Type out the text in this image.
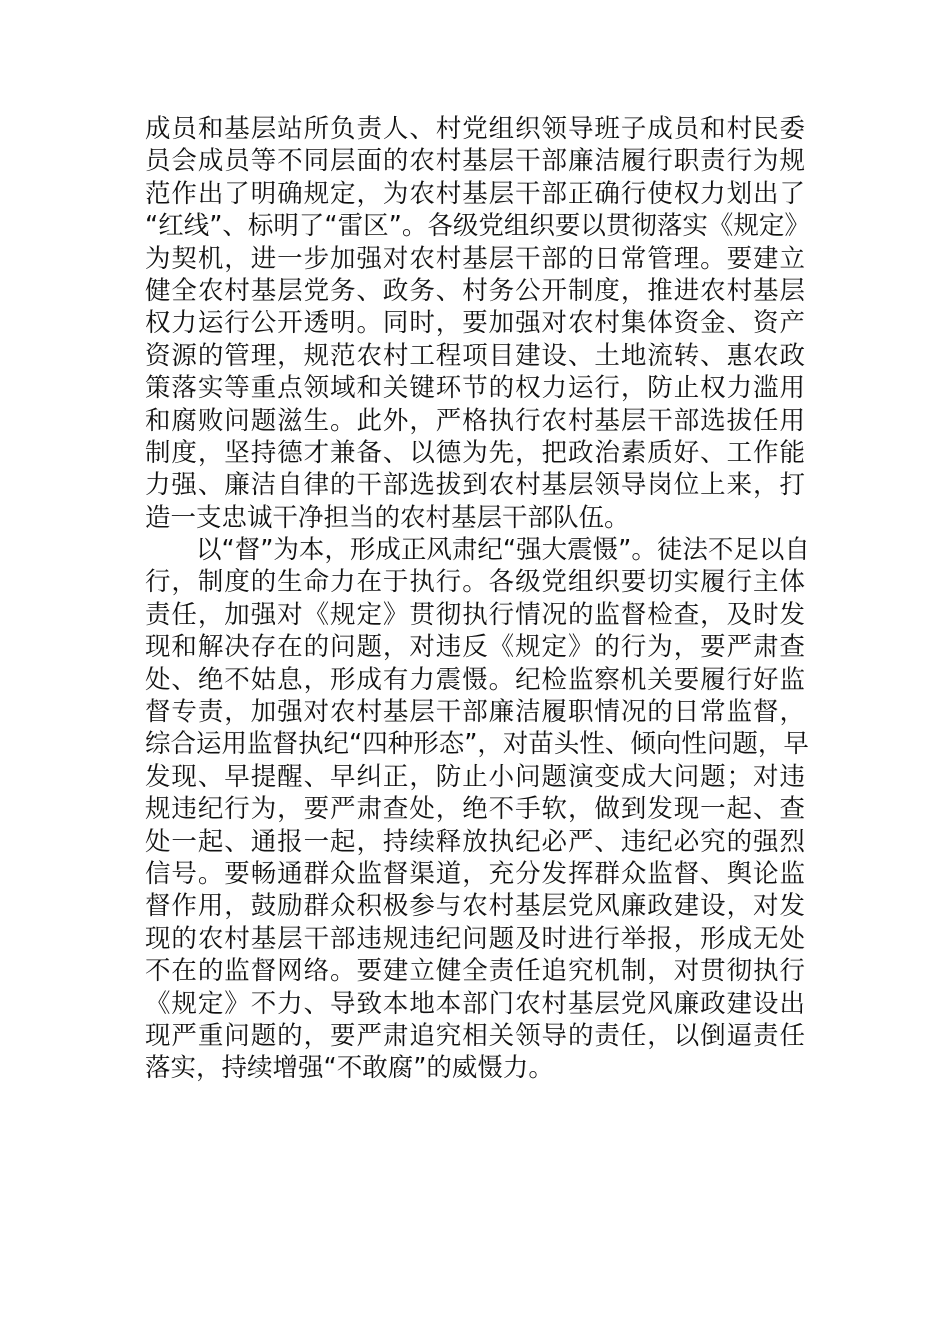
成员和基层站所负责人、村党组织领导班子成员和村民委
员会成员等不同层面的农村基层干部廉洁履行职责行为规
范作出了明确规定，为农村基层干部正确行使权力划出了
“红线”、标明了“雷区”。各级党组织要以贯彻落实《规定》
为契机，进一步加强对农村基层干部的日常管理。要建立
健全农村基层党务、政务、村务公开制度，推进农村基层
权力运行公开透明。同时，要加强对农村集体资金、资产
资源的管理，规范农村工程项目建设、土地流转、惠农政
策落实等重点领域和关键环节的权力运行，防止权力滥用
和腐败问题滋生。此外，严格执行农村基层干部选拔任用
制度，坚持德才兼备、以德为先，把政治素质好、工作能
力强、廉洁自律的干部选拔到农村基层领导岗位上来，打
造一支忠诚干净担当的农村基层干部队伍。
以“督”为本，形成正风肃纪“强大震慑”。徒法不足以自
行，制度的生命力在于执行。各级党组织要切实履行主体
责任，加强对《规定》贯彻执行情况的监督检查，及时发
现和解决存在的问题，对违反《规定》的行为，要严肃查
处、绝不姑息，形成有力震慑。纪检监察机关要履行好监
督专责，加强对农村基层干部廉洁履职情况的日常监督，
综合运用监督执纪“四种形态”，对苗头性、倾向性问题，早
发现、早提醒、早纠正，防止小问题演变成大问题；对违
规违纪行为，要严肃查处，绝不手软，做到发现一起、查
处一起、通报一起，持续释放执纪必严、违纪必究的强烈
信号。要畅通群众监督渠道，充分发挥群众监督、舆论监
督作用，鼓励群众积极参与农村基层党风廉政建设，对发
现的农村基层干部违规违纪问题及时进行举报，形成无处
不在的监督网络。要建立健全责任追究机制，对贯彻执行
《规定》不力、导致本地本部门农村基层党风廉政建设出
现严重问题的，要严肃追究相关领导的责任，以倒逼责任
落实，持续增强“不敢腐”的威慑力。
